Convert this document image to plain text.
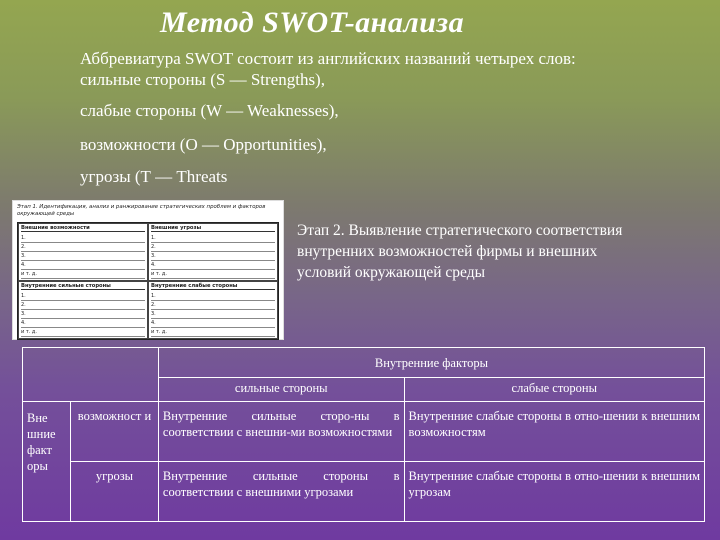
Метод SWOT-анализа

Аббревиатура SWOT состоит из английских названий четырех слов: сильные стороны (S — Strengths),

слабые стороны (W — Weaknesses),

возможности (О — Opportunities),

угрозы (Т — Threats

Этап 1. Идентификация, анализ и ранжирование стратегических проблем и факторов окружающей среды
Внешние возможности
1.
2.
3.
4.
и т. д.
Внешние угрозы
1.
2.
3.
4.
и т. д.
Внутренние сильные стороны
1.
2.
3.
4.
и т. д.
Внутренние слабые стороны
1.
2.
3.
4.
и т. д.

Этап 2. Выявление стратегического соответствия внутренних возможностей фирмы и внешних условий окружающей среды

		Внутренние факторы	
		сильные стороны	слабые стороны
Вне шние факт оры	возможност и	Внутренние сильные сторо-ны в соответствии с внешни-ми возможностями	Внутренние слабые стороны в отно-шении к внешним возможностям
	угрозы	Внутренние сильные стороны в соответствии с внешними угрозами	Внутренние слабые стороны в отно-шении к внешним угрозам
